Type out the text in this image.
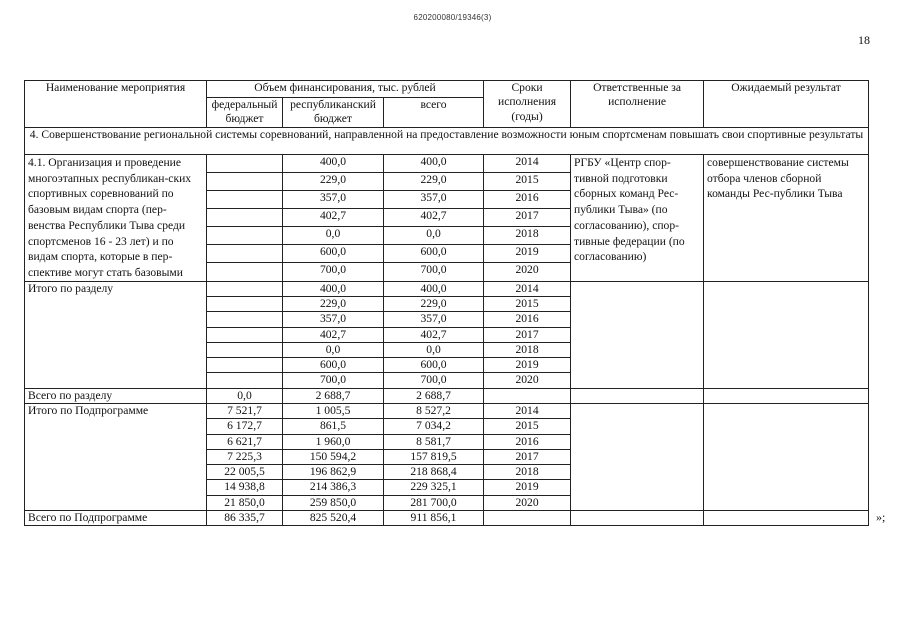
620200080/19346(3)
18
Наименование мероприятия	Объем финансирования, тыс. рублей			Сроки исполнения (годы)	Ответственные за исполнение	Ожидаемый результат
	федеральный бюджет	республиканский бюджет	всего			
4. Совершенствование региональной системы соревнований, направленной на предоставление возможности юным спортсменам повышать свои спортивные результаты						
4.1. Организация и проведение многоэтапных республикан-ских спортивных соревнований по базовым видам спорта (пер-венства Республики Тыва среди спортсменов 16 - 23 лет) и по видам спорта, которые в пер-спективе могут стать базовыми		400,0	400,0	2014	РГБУ «Центр спор-тивной подготовки сборных команд Рес-публики Тыва» (по согласованию), спор-тивные федерации (по согласованию)	совершенствование системы отбора членов сборной команды Рес-публики Тыва
		229,0	229,0	2015		
		357,0	357,0	2016		
		402,7	402,7	2017		
		0,0	0,0	2018		
		600,0	600,0	2019		
		700,0	700,0	2020		
Итого по разделу		400,0	400,0	2014		
		229,0	229,0	2015		
		357,0	357,0	2016		
		402,7	402,7	2017		
		0,0	0,0	2018		
		600,0	600,0	2019		
		700,0	700,0	2020		
Всего по разделу	0,0	2 688,7	2 688,7			
Итого по Подпрограмме	7 521,7	1 005,5	8 527,2	2014		
	6 172,7	861,5	7 034,2	2015		
	6 621,7	1 960,0	8 581,7	2016		
	7 225,3	150 594,2	157 819,5	2017		
	22 005,5	196 862,9	218 868,4	2018		
	14 938,8	214 386,3	229 325,1	2019		
	21 850,0	259 850,0	281 700,0	2020		
Всего по Подпрограмме	86 335,7	825 520,4	911 856,1				»;
